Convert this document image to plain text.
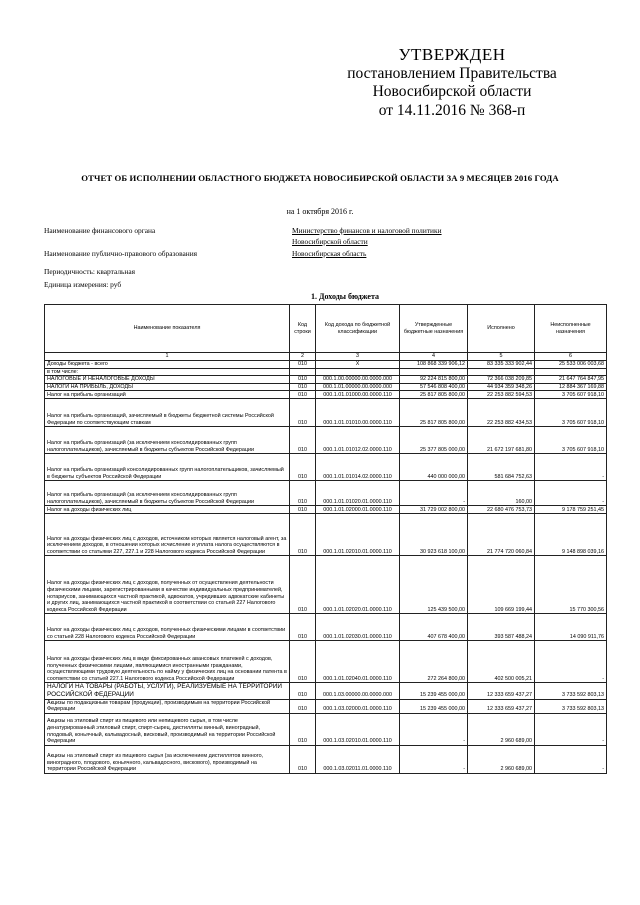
УТВЕРЖДЕН
постановлением Правительства
Новосибирской области
от 14.11.2016 № 368-п
ОТЧЕТ ОБ ИСПОЛНЕНИИ ОБЛАСТНОГО БЮДЖЕТА НОВОСИБИРСКОЙ ОБЛАСТИ ЗА 9 МЕСЯЦЕВ 2016 ГОДА
на 1 октября 2016 г.
Наименование финансового органа	Министерство финансов и налоговой политики
Новосибирской области
Наименование публично-правового образования	Новосибирская область
Периодичность: квартальная
Единица измерения: руб
1. Доходы бюджета
Наименование показателя	Код строки	Код дохода по бюджетной классификации	Утвержденные бюджетные назначения	Исполнено	Неисполненные назначения
1	2	3	4	5	6
Доходы бюджета - всего	010	X	108 868 339 906,12	83 335 333 902,44	25 533 006 003,68
в том числе:					
НАЛОГОВЫЕ И НЕНАЛОГОВЫЕ ДОХОДЫ	010	000.1.00.00000.00.0000.000	92 224 815 800,00	72 366 038 209,85	21 647 764 847,95
НАЛОГИ НА ПРИБЫЛЬ, ДОХОДЫ	010	000.1.01.00000.00.0000.000	57 546 808 400,00	44 934 359 348,26	12 884 367 169,88
Налог на прибыль организаций	010	000.1.01.01000.00.0000.110	25 817 805 800,00	22 253 882 594,53	3 705 607 918,10
Налог на прибыль организаций, зачисляемый в бюджеты бюджетной системы Российской Федерации по соответствующим ставкам	010	000.1.01.01010.00.0000.110	25 817 805 800,00	22 253 882 434,53	3 705 607 918,10
Налог на прибыль организаций (за исключением консолидированных групп налогоплательщиков), зачисляемый в бюджеты субъектов Российской Федерации	010	000.1.01.01012.02.0000.110	25 377 805 000,00	21 672 197 681,80	3 705 607 918,10
Налог на прибыль организаций консолидированных групп налогоплательщиков, зачисляемый в бюджеты субъектов Российской Федерации	010	000.1.01.01014.02.0000.110	440 000 000,00	581 684 752,63	-
Налог на прибыль организаций (за исключением консолидированных групп налогоплательщиков), зачисляемый в бюджеты субъектов Российской Федерации	010	000.1.01.01020.01.0000.110	-	160,00	-
Налог на доходы физических лиц	010	000.1.01.02000.01.0000.110	31 729 002 800,00	22 680 476 753,73	9 178 759 251,45
Налог на доходы физических лиц с доходов, источником которых является налоговый агент, за исключением доходов, в отношении которых исчисление и уплата налога осуществляются в соответствии со статьями 227, 227.1 и 228 Налогового кодекса Российской Федерации	010	000.1.01.02010.01.0000.110	30 923 618 100,00	21 774 720 060,84	9 148 898 039,16
Налог на доходы физических лиц с доходов, полученных от осуществления деятельности физическими лицами, зарегистрированными в качестве индивидуальных предпринимателей, нотариусов, занимающихся частной практикой, адвокатов, учредивших адвокатские кабинеты и других лиц, занимающихся частной практикой в соответствии со статьей 227 Налогового кодекса Российской Федерации	010	000.1.01.02020.01.0000.110	125 439 500,00	109 669 199,44	15 770 300,56
Налог на доходы физических лиц с доходов, полученных физическими лицами в соответствии со статьей 228 Налогового кодекса Российской Федерации	010	000.1.01.02030.01.0000.110	407 678 400,00	393 587 488,24	14 090 911,76
Налог на доходы физических лиц в виде фиксированных авансовых платежей с доходов, полученных физическими лицами, являющимися иностранными гражданами, осуществляющими трудовую деятельность по найму у физических лиц на основании патента в соответствии со статьей 227.1 Налогового кодекса Российской Федерации	010	000.1.01.02040.01.0000.110	272 264 800,00	402 500 005,21	-
НАЛОГИ НА ТОВАРЫ (РАБОТЫ, УСЛУГИ), РЕАЛИЗУЕМЫЕ НА ТЕРРИТОРИИ РОССИЙСКОЙ ФЕДЕРАЦИИ	010	000.1.03.00000.00.0000.000	15 239 455 000,00	12 333 659 437,27	3 733 592 803,13
Акцизы по подакцизным товарам (продукции), производимым на территории Российской Федерации	010	000.1.03.02000.01.0000.110	15 239 455 000,00	12 333 659 437,27	3 733 592 803,13
Акцизы на этиловый спирт из пищевого или непищевого сырья, в том числе денатурированный этиловый спирт, спирт-сырец, дистилляты винный, виноградный, плодовый, коньячный, кальвадосный, висковый, производимый на территории Российской Федерации	010	000.1.03.02010.01.0000.110	-	2 960 689,00	-
Акцизы на этиловый спирт из пищевого сырья (за исключением дистиллятов винного, виноградного, плодового, коньячного, кальвадосного, вискового), производимый на территории Российской Федерации	010	000.1.03.02011.01.0000.110	-	2 960 689,00	-
